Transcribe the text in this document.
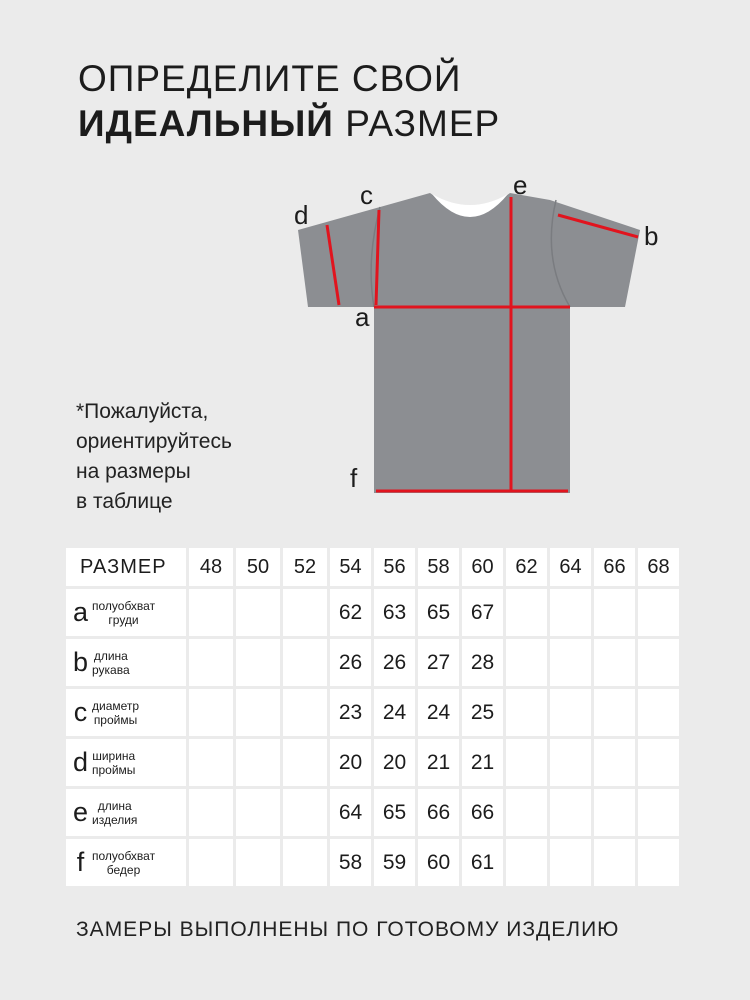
ОПРЕДЕЛИТЕ СВОЙ
ИДЕАЛЬНЫЙ РАЗМЕР
*Пожалуйста,
ориентируйтесь
на размеры
в таблице
d
c	e
b
a
f
РАЗМЕР	48	50	52	54	56	58	60	62	64	66	68

a полуобхват
груди				62	63	65	67				

b длина
рукава				26	26	27	28				

c диаметр
проймы				23	24	24	25				

d ширина
проймы				20	20	21	21				

e длина
изделия				64	65	66	66				

f полуобхват
бедер				58	59	60	61				
ЗАМЕРЫ ВЫПОЛНЕНЫ ПО ГОТОВОМУ ИЗДЕЛИЮ
